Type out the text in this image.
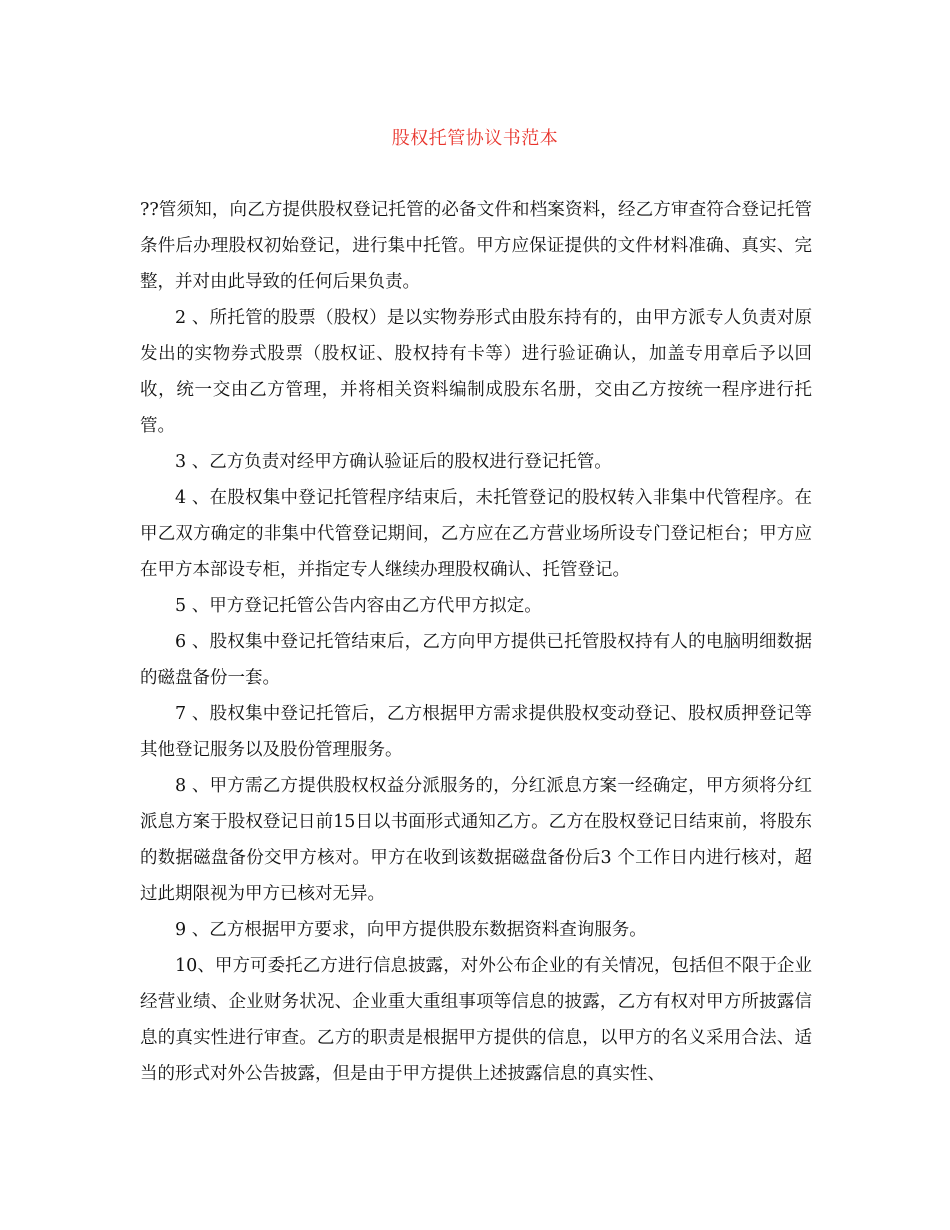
股权托管协议书范本

??管须知，向乙方提供股权登记托管的必备文件和档案资料，经乙方审查符合登记托管条件后办理股权初始登记，进行集中托管。甲方应保证提供的文件材料准确、真实、完整，并对由此导致的任何后果负责。

2 、所托管的股票（股权）是以实物券形式由股东持有的，由甲方派专人负责对原发出的实物券式股票（股权证、股权持有卡等）进行验证确认，加盖专用章后予以回收，统一交由乙方管理，并将相关资料编制成股东名册，交由乙方按统一程序进行托管。

3 、乙方负责对经甲方确认验证后的股权进行登记托管。

4 、在股权集中登记托管程序结束后，未托管登记的股权转入非集中代管程序。在甲乙双方确定的非集中代管登记期间，乙方应在乙方营业场所设专门登记柜台；甲方应在甲方本部设专柜，并指定专人继续办理股权确认、托管登记。

5 、甲方登记托管公告内容由乙方代甲方拟定。

6 、股权集中登记托管结束后，乙方向甲方提供已托管股权持有人的电脑明细数据的磁盘备份一套。

7 、股权集中登记托管后，乙方根据甲方需求提供股权变动登记、股权质押登记等其他登记服务以及股份管理服务。

8 、甲方需乙方提供股权权益分派服务的，分红派息方案一经确定，甲方须将分红派息方案于股权登记日前15日以书面形式通知乙方。乙方在股权登记日结束前，将股东的数据磁盘备份交甲方核对。甲方在收到该数据磁盘备份后3 个工作日内进行核对，超过此期限视为甲方已核对无异。

9 、乙方根据甲方要求，向甲方提供股东数据资料查询服务。

10、甲方可委托乙方进行信息披露，对外公布企业的有关情况，包括但不限于企业经营业绩、企业财务状况、企业重大重组事项等信息的披露，乙方有权对甲方所披露信息的真实性进行审查。乙方的职责是根据甲方提供的信息，以甲方的名义采用合法、适当的形式对外公告披露，但是由于甲方提供上述披露信息的真实性、
